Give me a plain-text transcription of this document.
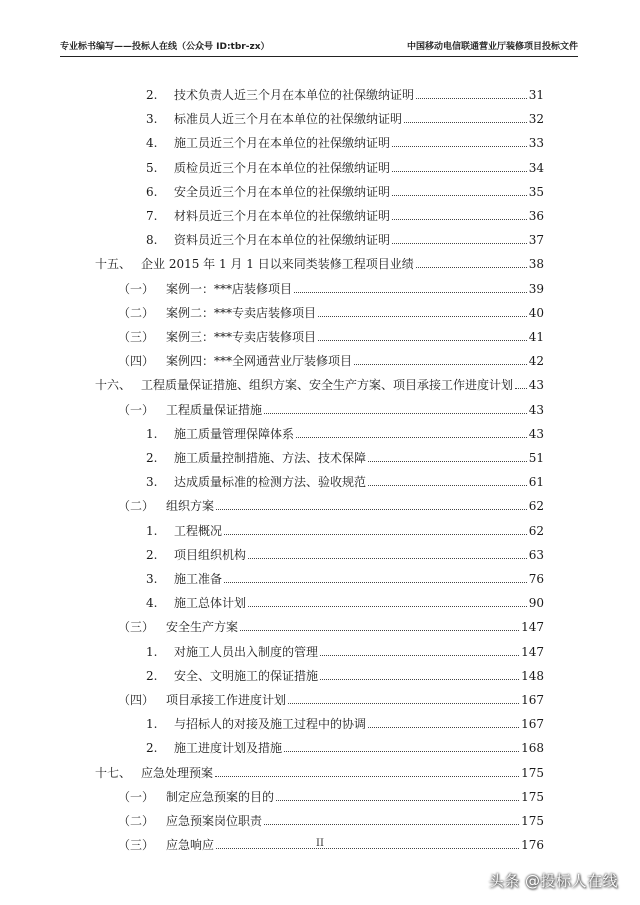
专业标书编写——投标人在线（公众号 ID:tbr-zx）	中国移动电信联通营业厅装修项目投标文件
2.	技术负责人近三个月在本单位的社保缴纳证明	31
3.	标准员人近三个月在本单位的社保缴纳证明	32
4.	施工员近三个月在本单位的社保缴纳证明	33
5.	质检员近三个月在本单位的社保缴纳证明	34
6.	安全员近三个月在本单位的社保缴纳证明	35
7.	材料员近三个月在本单位的社保缴纳证明	36
8.	资料员近三个月在本单位的社保缴纳证明	37
十五、 企业 2015 年 1 月 1 日以来同类装修工程项目业绩	38
（一） 案例一：***店装修项目	39
（二） 案例二：***专卖店装修项目	40
（三） 案例三：***专卖店装修项目	41
（四） 案例四：***全网通营业厅装修项目	42
十六、 工程质量保证措施、组织方案、安全生产方案、项目承接工作进度计划 43
（一） 工程质量保证措施	43
1.	施工质量管理保障体系	43
2.	施工质量控制措施、方法、技术保障	51
3.	达成质量标准的检测方法、验收规范	61
（二） 组织方案	62
1.	工程概况	62
2.	项目组织机构	63
3.	施工准备	76
4.	施工总体计划	90
（三） 安全生产方案	147
1.	对施工人员出入制度的管理	147
2.	安全、文明施工的保证措施	148
（四） 项目承接工作进度计划	167
1.	与招标人的对接及施工过程中的协调	167
2.	施工进度计划及措施	168
十七、 应急处理预案	175
（一） 制定应急预案的目的	175
（二） 应急预案岗位职责	175
（三） 应急响应	176
II
头条 @投标人在线
